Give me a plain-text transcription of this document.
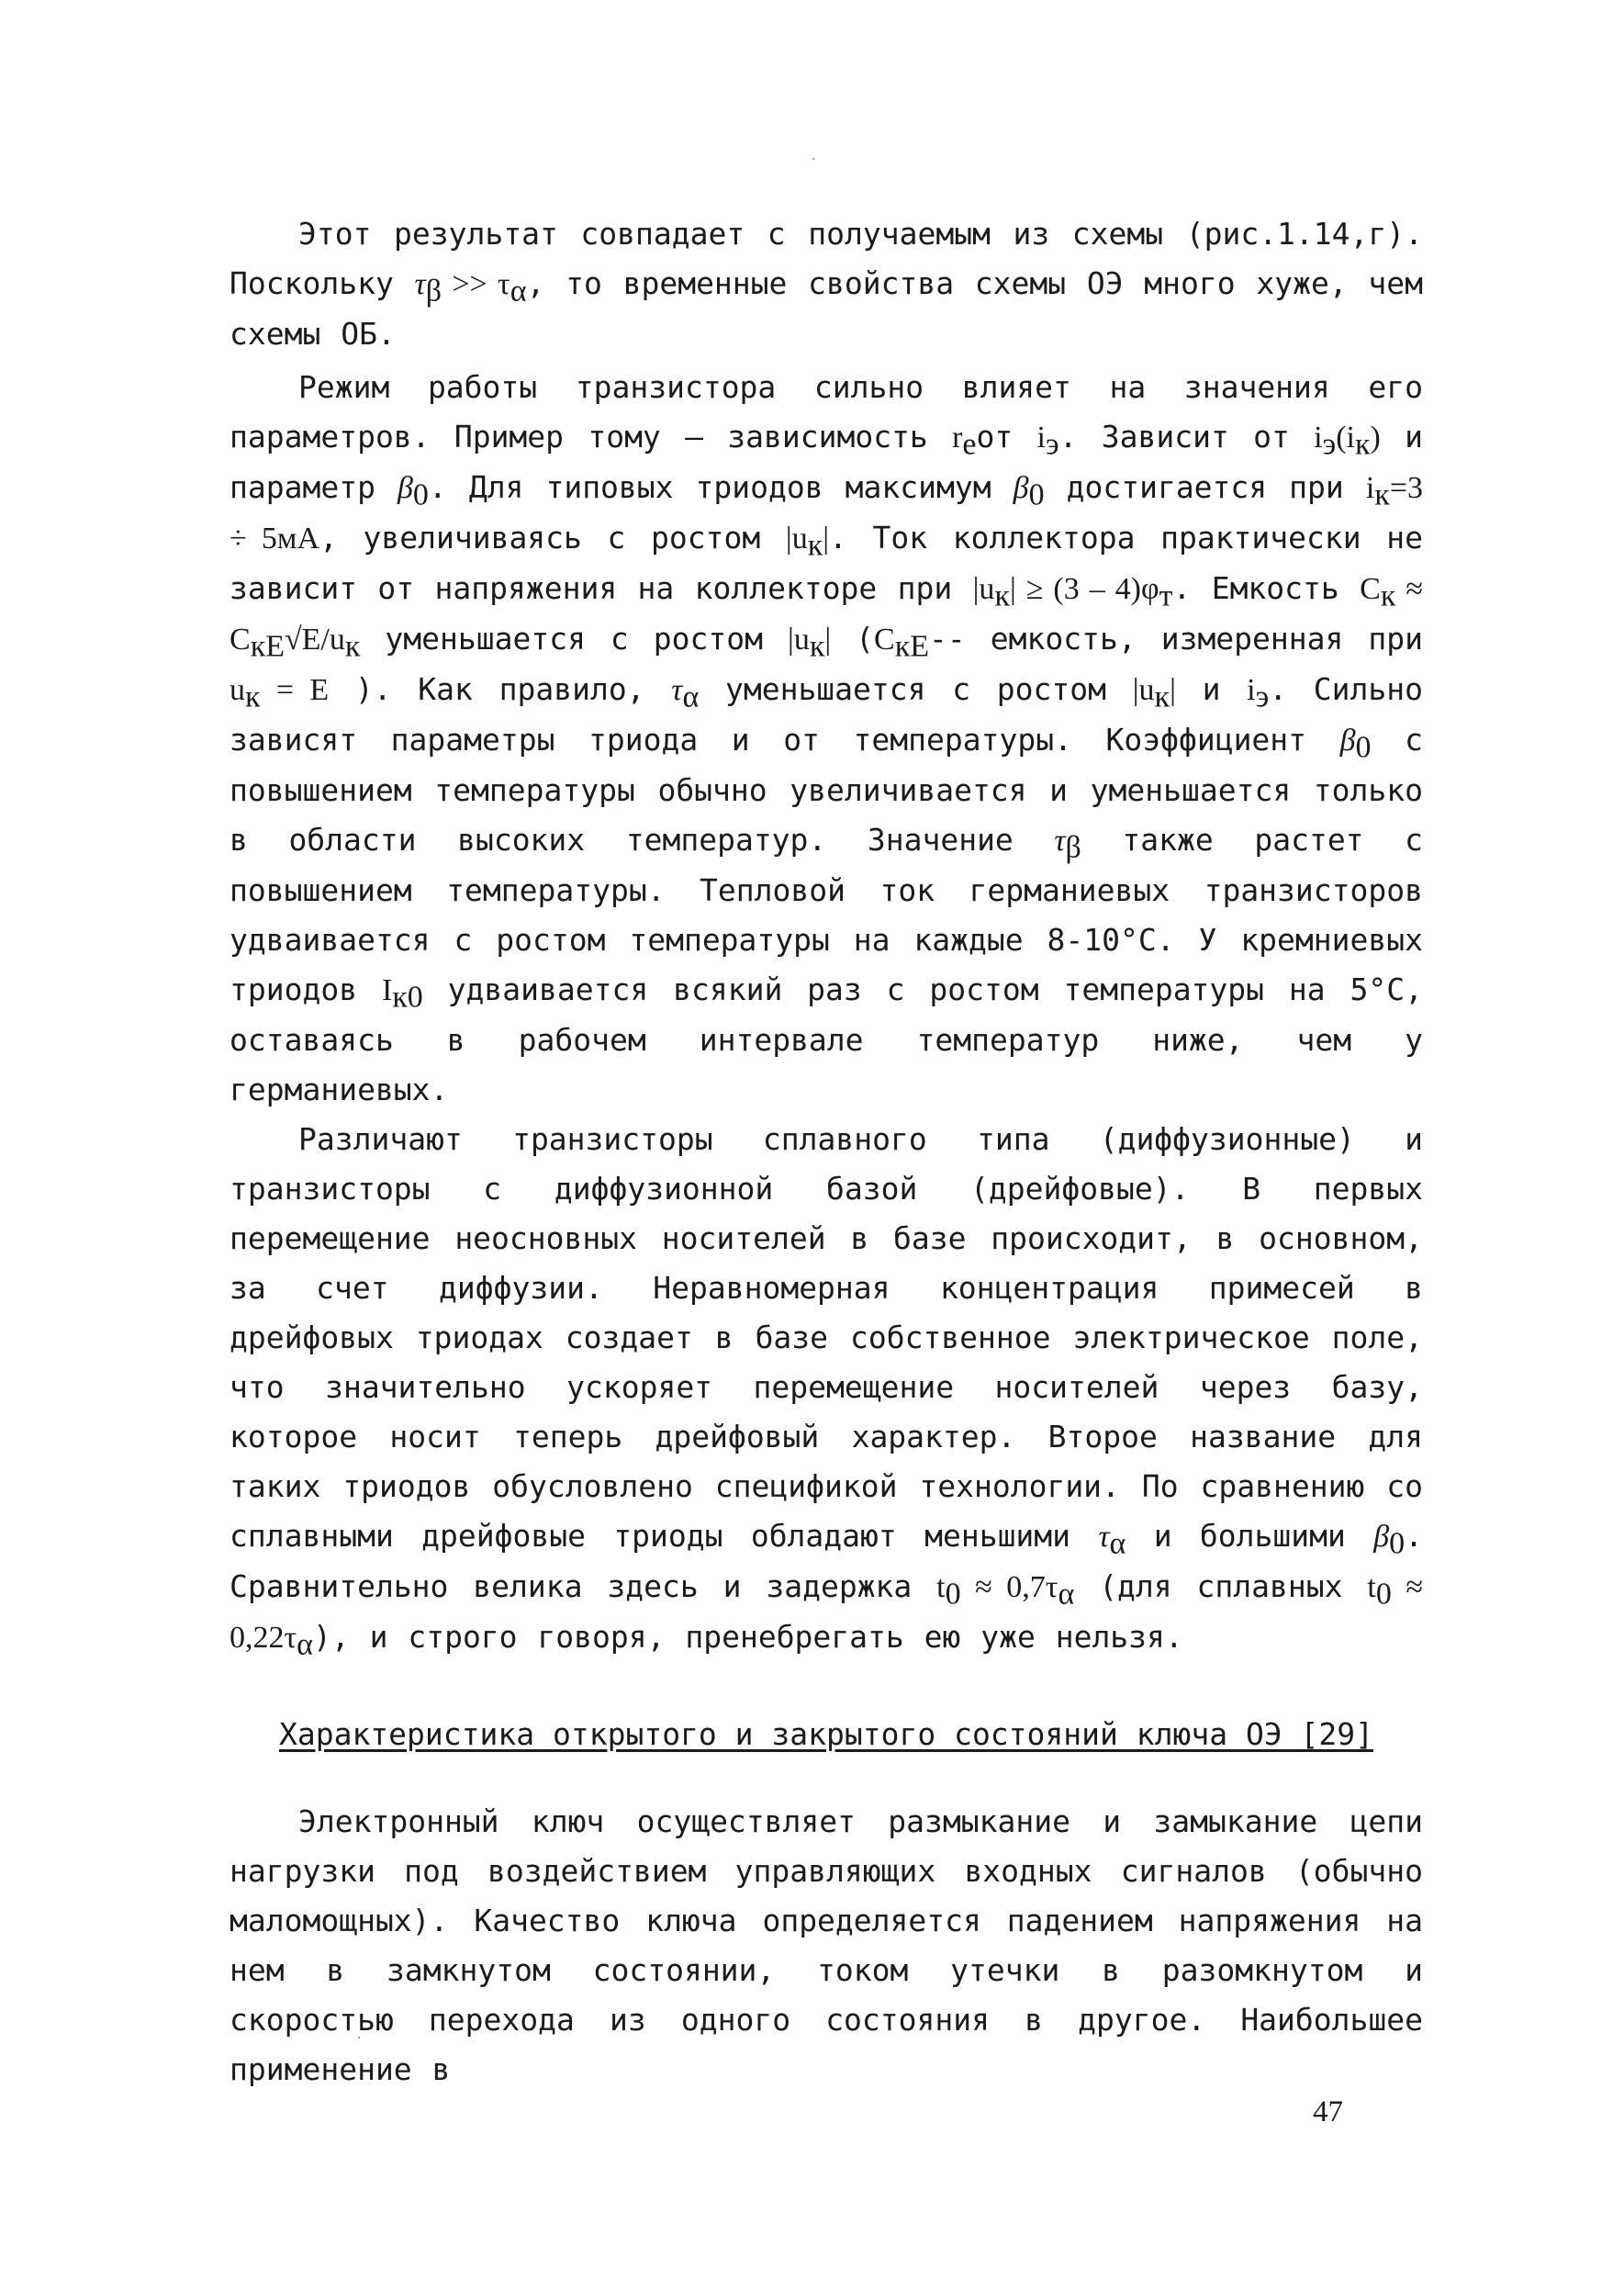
Этот результат совпадает с получаемым из схемы (рис.1.14,г). Поскольку $\tau_\beta >> \tau_\alpha$, то временные свойства схемы ОЭ много хуже, чем схемы ОБ.

Режим работы транзистора сильно влияет на значения его параметров. Пример тому – зависимость $r_eот$ $i_э$. Зависит от $i_э(i_к)$ и параметр $\beta_0$. Для типовых триодов максимум $\beta_0$ достигается при $i_к=3 \div 5мА$, увеличиваясь с ростом $|u_к|$. Ток коллектора практически не зависит от напряжения на коллекторе при $|u_к| \ge (3 - 4)\varphi_т$. Емкость $C_к \approx C_{кЕ}√E/u_к$ уменьшается с ростом $|u_к|$ ($C_{кЕ}--$ емкость, измеренная при $u_к = E$ ). Как правило, $\tau_\alpha$ уменьшается с ростом $|u_к|$ и $i_э$. Сильно зависят параметры триода и от температуры. Коэффициент $\beta_0$ с повышением температуры обычно увеличивается и уменьшается только в области высоких температур. Значение $\tau_\beta$ также растет с повышением температуры. Тепловой ток германиевых транзисторов удваивается с ростом температуры на каждые 8-10°С. У кремниевых триодов $I_{к0}$ удваивается всякий раз с ростом температуры на 5°С, оставаясь в рабочем интервале температур ниже, чем у германиевых.

Различают транзисторы сплавного типа (диффузионные) и транзисторы с диффузионной базой (дрейфовые). В первых перемещение неосновных носителей в базе происходит, в основном, за счет диффузии. Неравномерная концентрация примесей в дрейфовых триодах создает в базе собственное электрическое поле, что значительно ускоряет перемещение носителей через базу, которое носит теперь дрейфовый характер. Второе название для таких триодов обусловлено спецификой технологии. По сравнению со сплавными дрейфовые триоды обладают меньшими $\tau_\alpha$ и большими $\beta_0$. Сравнительно велика здесь и задержка $t_0 \approx 0,7\tau_\alpha$ (для сплавных $t_0 \approx 0,22\tau_\alpha$), и строго говоря, пренебрегать ею уже нельзя.

Характеристика открытого и закрытого состояний ключа ОЭ [29]

Электронный ключ осуществляет размыкание и замыкание цепи нагрузки под воздействием управляющих входных сигналов (обычно маломощных). Качество ключа определяется падением напряжения на нем в замкнутом состоянии, током утечки в разомкнутом и скоростью перехода из одного состояния в другое. Наибольшее применение в

47
